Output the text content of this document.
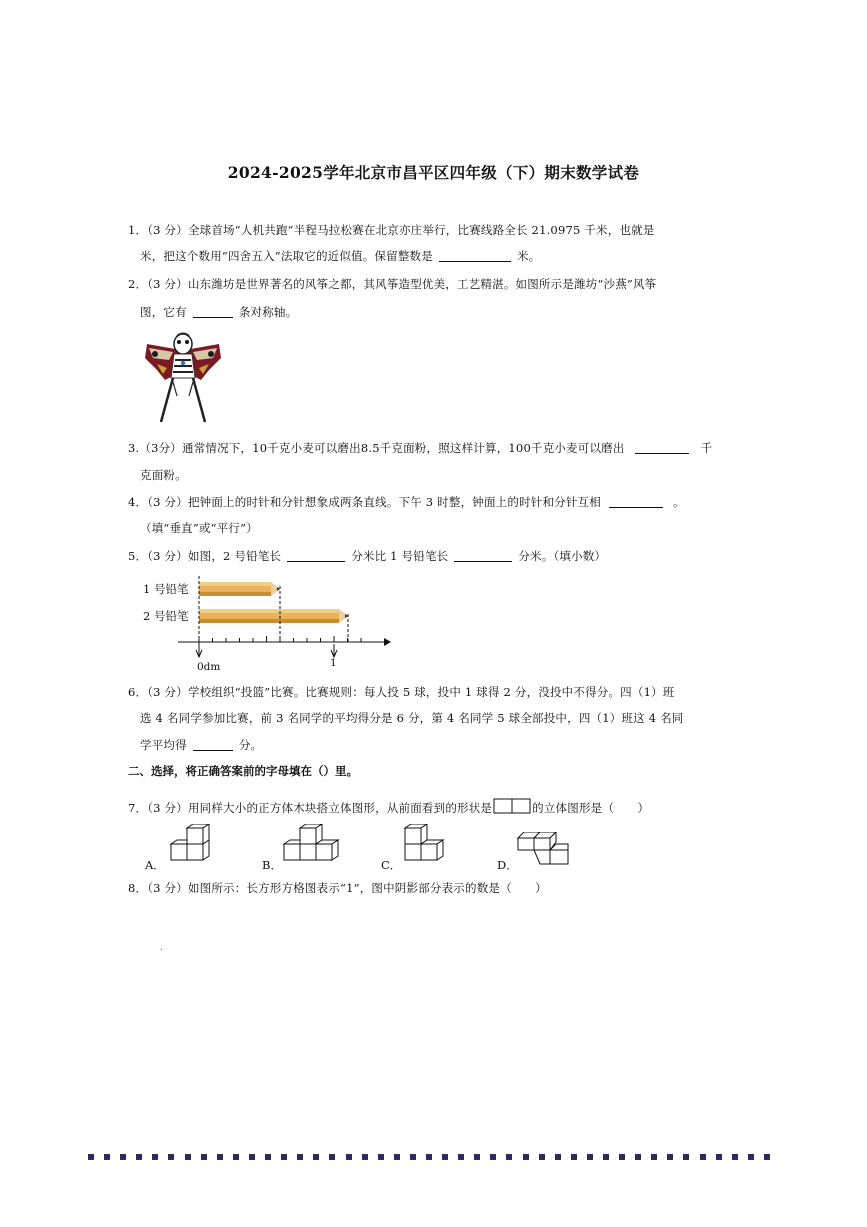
2024-2025学年北京市昌平区四年级（下）期末数学试卷
1．（3 分）全球首场“人机共跑”半程马拉松赛在北京亦庄举行，比赛线路全长 21.0975 千米，也就是
米，把这个数用“四舍五入”法取它的近似值。保留整数是	米。
2．（3 分）山东潍坊是世界著名的风筝之都，其风筝造型优美，工艺精湛。如图所示是潍坊“沙燕”风筝
图，它有	条对称轴。
3.（3分）通常情况下，10千克小麦可以磨出8.5千克面粉，照这样计算，100千克小麦可以磨出	千
克面粉。
4．（3 分）把钟面上的时针和分针想象成两条直线。下午 3 时整，钟面上的时针和分针互相	。
（填“垂直”或“平行”）
5．（3 分）如图，2 号铅笔长	分米比 1 号铅笔长	分米。（填小数）
1 号铅笔
2 号铅笔
0dm	1
6．（3 分）学校组织“投篮”比赛。比赛规则：每人投 5 球，投中 1 球得 2 分，没投中不得分。四（1）班
选 4 名同学参加比赛，前 3 名同学的平均得分是 6 分，第 4 名同学 5 球全部投中，四（1）班这 4 名同
学平均得	分。
二、选择，将正确答案前的字母填在（）里。
7．（3 分）用同样大小的正方体木块搭立体图形，从前面看到的形状是	的立体图形是（　　）
A．	B．	C．	D．
8．（3 分）如图所示：长方形方格图表示“1”，图中阴影部分表示的数是（　　）
.
